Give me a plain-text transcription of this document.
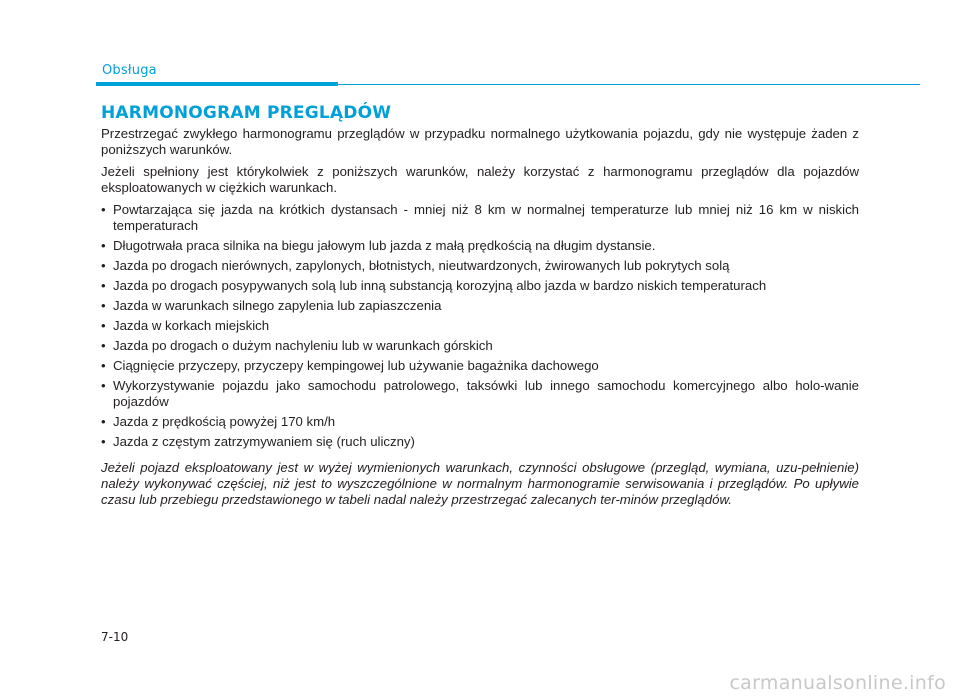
Obsługa
HARMONOGRAM PREGLĄDÓW

Przestrzegać zwykłego harmonogramu przeglądów w przypadku normalnego użytkowania pojazdu, gdy nie występuje żaden z poniższych warunków.

Jeżeli spełniony jest którykolwiek z poniższych warunków, należy korzystać z harmonogramu przeglądów dla pojazdów eksploatowanych w ciężkich warunkach.

• Powtarzająca się jazda na krótkich dystansach - mniej niż 8 km w normalnej temperaturze lub mniej niż 16 km w niskich temperaturach
• Długotrwała praca silnika na biegu jałowym lub jazda z małą prędkością na długim dystansie.
• Jazda po drogach nierównych, zapylonych, błotnistych, nieutwardzonych, żwirowanych lub pokrytych solą
• Jazda po drogach posypywanych solą lub inną substancją korozyjną albo jazda w bardzo niskich temperaturach
• Jazda w warunkach silnego zapylenia lub zapiaszczenia
• Jazda w korkach miejskich
• Jazda po drogach o dużym nachyleniu lub w warunkach górskich
• Ciągnięcie przyczepy, przyczepy kempingowej lub używanie bagażnika dachowego
• Wykorzystywanie pojazdu jako samochodu patrolowego, taksówki lub innego samochodu komercyjnego albo holo-wanie pojazdów
• Jazda z prędkością powyżej 170 km/h
• Jazda z częstym zatrzymywaniem się (ruch uliczny)

Jeżeli pojazd eksploatowany jest w wyżej wymienionych warunkach, czynności obsługowe (przegląd, wymiana, uzu-pełnienie) należy wykonywać częściej, niż jest to wyszczególnione w normalnym harmonogramie serwisowania i przeglądów. Po upływie czasu lub przebiegu przedstawionego w tabeli nadal należy przestrzegać zalecanych ter-minów przeglądów.

7-10
carmanualsonline.info
